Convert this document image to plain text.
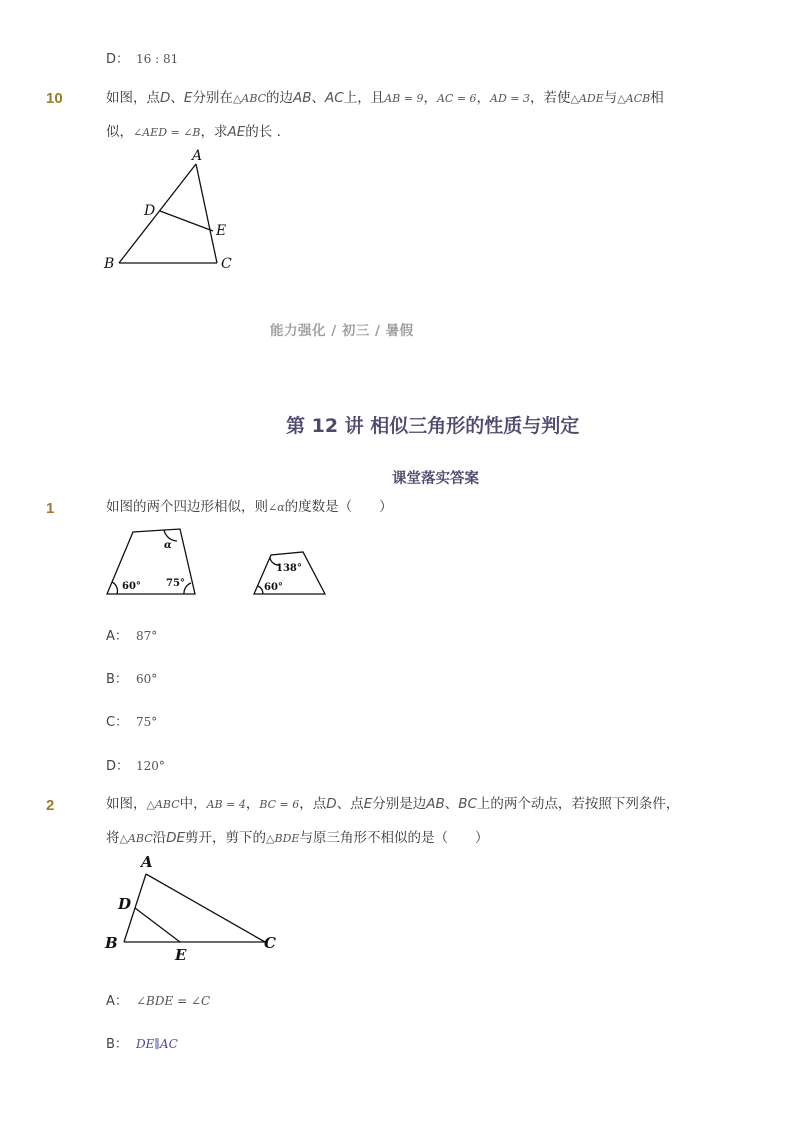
D： 16 : 81
10	如图，点D、E分别在△ABC的边AB、AC上，且AB = 9，AC = 6，AD = 3，若使△ADE与△ACB相
似，∠AED = ∠B，求AE的长 .
A
D
E
B	C
能力强化 / 初三 / 暑假
第 12 讲 相似三角形的性质与判定
课堂落实答案
1	如图的两个四边形相似，则∠α的度数是（　　）
α
60°	75°
138°
60°
A： 87°
B： 60°
C： 75°
D： 120°
2	如图，△ABC中，AB = 4，BC = 6，点D、点E分别是边AB、BC上的两个动点，若按照下列条件，
将△ABC沿DE剪开，剪下的△BDE与原三角形不相似的是（　　）
A
D
B
E
C
A： ∠BDE = ∠C
B： DE∥AC
